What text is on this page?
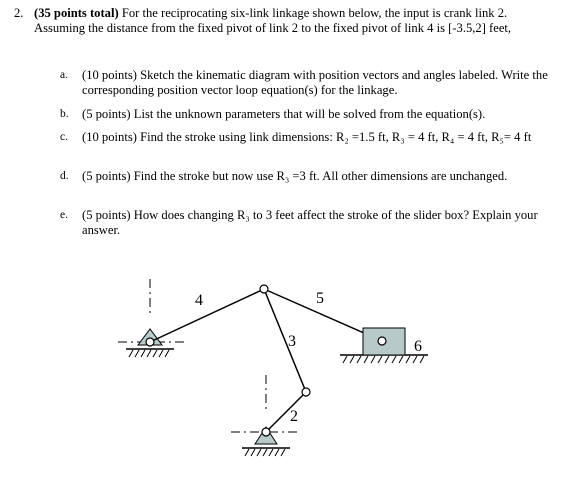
2. (35 points total) For the reciprocating six-link linkage shown below, the input is crank link 2. Assuming the distance from the fixed pivot of link 2 to the fixed pivot of link 4 is [-3.5,2] feet,
a. (10 points) Sketch the kinematic diagram with position vectors and angles labeled. Write the corresponding position vector loop equation(s) for the linkage.
b. (5 points) List the unknown parameters that will be solved from the equation(s).
c. (10 points) Find the stroke using link dimensions: R₂ =1.5 ft, R₃ = 4 ft, R₄ = 4 ft, R₅= 4 ft
d. (5 points) Find the stroke but now use R₃ =3 ft. All other dimensions are unchanged.
e. (5 points) How does changing R₃ to 3 feet affect the stroke of the slider box? Explain your answer.
4	5
3
2
6
